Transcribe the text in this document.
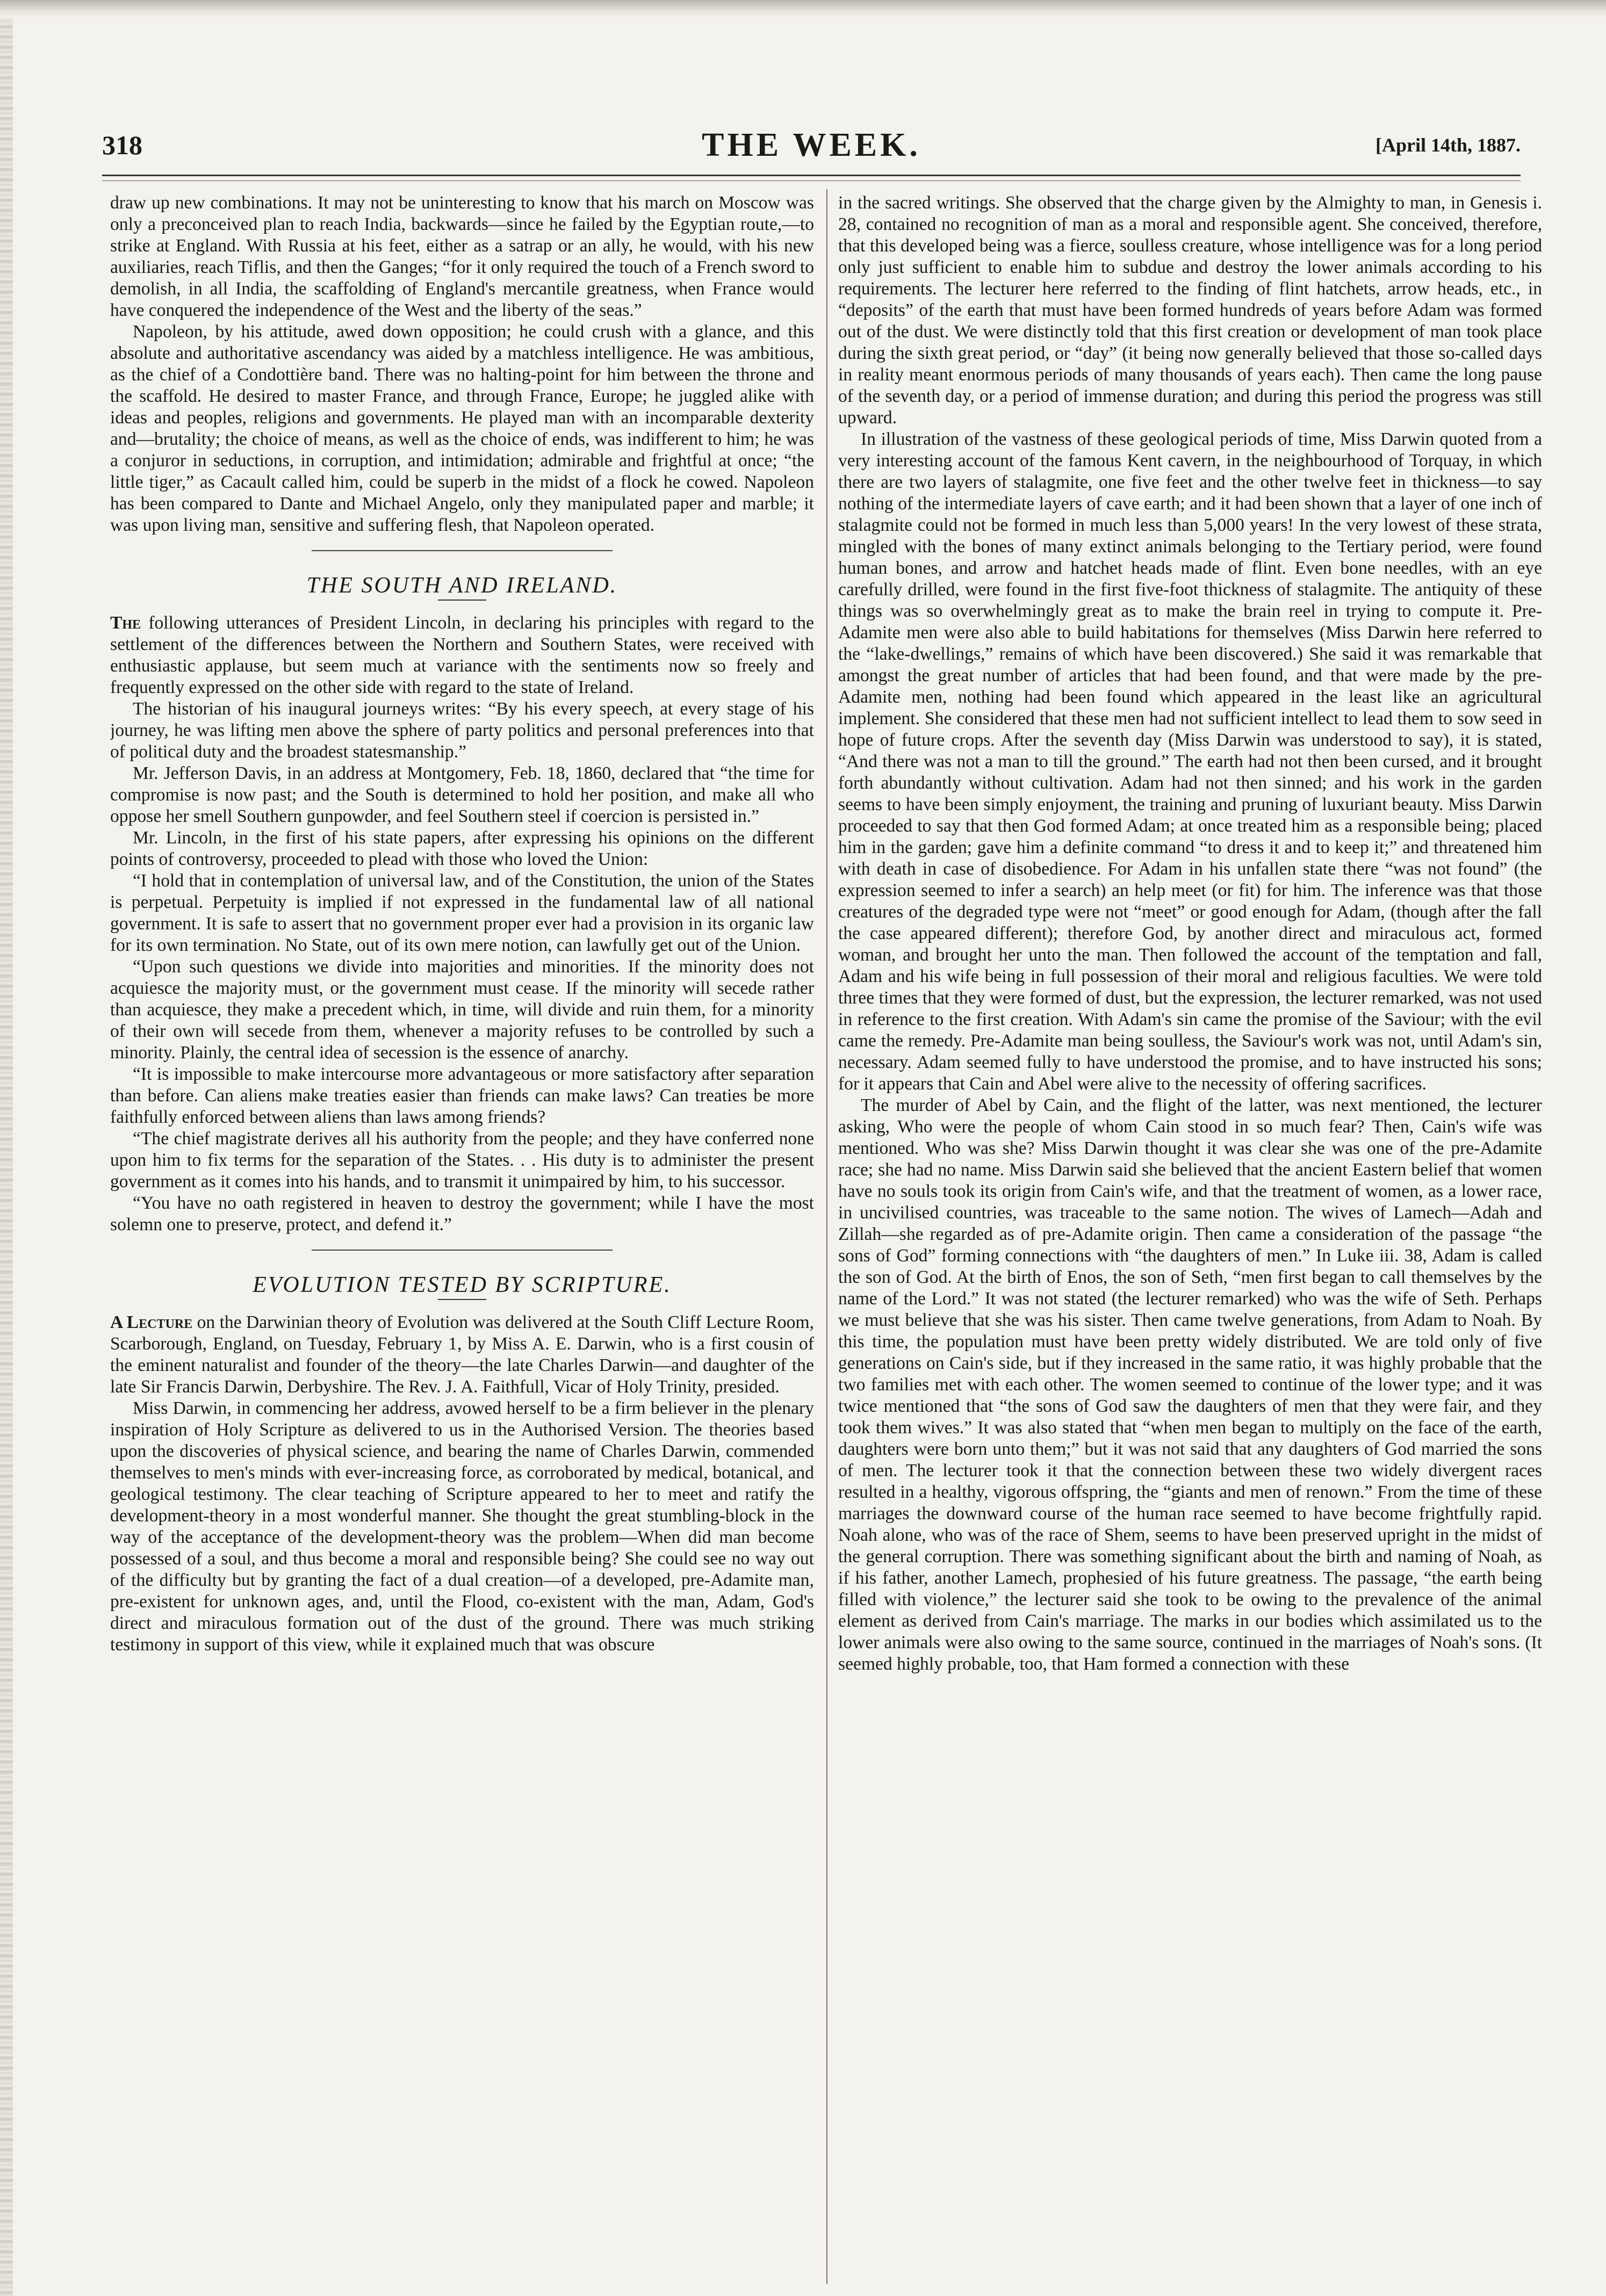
318	THE WEEK.	[April 14th, 1887.

draw up new combinations. It may not be uninteresting to know that his march on Moscow was only a preconceived plan to reach India, backwards—since he failed by the Egyptian route,—to strike at England. With Russia at his feet, either as a satrap or an ally, he would, with his new auxiliaries, reach Tiflis, and then the Ganges; “for it only required the touch of a French sword to demolish, in all India, the scaffolding of England's mercantile greatness, when France would have conquered the independence of the West and the liberty of the seas.”

Napoleon, by his attitude, awed down opposition; he could crush with a glance, and this absolute and authoritative ascendancy was aided by a matchless intelligence. He was ambitious, as the chief of a Condottière band. There was no halting-point for him between the throne and the scaffold. He desired to master France, and through France, Europe; he juggled alike with ideas and peoples, religions and governments. He played man with an incomparable dexterity and—brutality; the choice of means, as well as the choice of ends, was indifferent to him; he was a conjuror in seductions, in corruption, and intimidation; admirable and frightful at once; “the little tiger,” as Cacault called him, could be superb in the midst of a flock he cowed. Napoleon has been compared to Dante and Michael Angelo, only they manipulated paper and marble; it was upon living man, sensitive and suffering flesh, that Napoleon operated.

THE SOUTH AND IRELAND.

The following utterances of President Lincoln, in declaring his principles with regard to the settlement of the differences between the Northern and Southern States, were received with enthusiastic applause, but seem much at variance with the sentiments now so freely and frequently expressed on the other side with regard to the state of Ireland.

The historian of his inaugural journeys writes: “By his every speech, at every stage of his journey, he was lifting men above the sphere of party politics and personal preferences into that of political duty and the broadest statesmanship.”

Mr. Jefferson Davis, in an address at Montgomery, Feb. 18, 1860, declared that “the time for compromise is now past; and the South is determined to hold her position, and make all who oppose her smell Southern gunpowder, and feel Southern steel if coercion is persisted in.”

Mr. Lincoln, in the first of his state papers, after expressing his opinions on the different points of controversy, proceeded to plead with those who loved the Union:

“I hold that in contemplation of universal law, and of the Constitution, the union of the States is perpetual. Perpetuity is implied if not expressed in the fundamental law of all national government. It is safe to assert that no government proper ever had a provision in its organic law for its own termination. No State, out of its own mere notion, can lawfully get out of the Union.

“Upon such questions we divide into majorities and minorities. If the minority does not acquiesce the majority must, or the government must cease. If the minority will secede rather than acquiesce, they make a precedent which, in time, will divide and ruin them, for a minority of their own will secede from them, whenever a majority refuses to be controlled by such a minority. Plainly, the central idea of secession is the essence of anarchy.

“It is impossible to make intercourse more advantageous or more satisfactory after separation than before. Can aliens make treaties easier than friends can make laws? Can treaties be more faithfully enforced between aliens than laws among friends?

“The chief magistrate derives all his authority from the people; and they have conferred none upon him to fix terms for the separation of the States. . . His duty is to administer the present government as it comes into his hands, and to transmit it unimpaired by him, to his successor.

“You have no oath registered in heaven to destroy the government; while I have the most solemn one to preserve, protect, and defend it.”

EVOLUTION TESTED BY SCRIPTURE.

A Lecture on the Darwinian theory of Evolution was delivered at the South Cliff Lecture Room, Scarborough, England, on Tuesday, February 1, by Miss A. E. Darwin, who is a first cousin of the eminent naturalist and founder of the theory—the late Charles Darwin—and daughter of the late Sir Francis Darwin, Derbyshire. The Rev. J. A. Faithfull, Vicar of Holy Trinity, presided.

Miss Darwin, in commencing her address, avowed herself to be a firm believer in the plenary inspiration of Holy Scripture as delivered to us in the Authorised Version. The theories based upon the discoveries of physical science, and bearing the name of Charles Darwin, commended themselves to men's minds with ever-increasing force, as corroborated by medical, botanical, and geological testimony. The clear teaching of Scripture appeared to her to meet and ratify the development-theory in a most wonderful manner. She thought the great stumbling-block in the way of the acceptance of the development-theory was the problem—When did man become possessed of a soul, and thus become a moral and responsible being? She could see no way out of the difficulty but by granting the fact of a dual creation—of a developed, pre-Adamite man, pre-existent for unknown ages, and, until the Flood, co-existent with the man, Adam, God's direct and miraculous formation out of the dust of the ground. There was much striking testimony in support of this view, while it explained much that was obscure

in the sacred writings. She observed that the charge given by the Almighty to man, in Genesis i. 28, contained no recognition of man as a moral and responsible agent. She conceived, therefore, that this developed being was a fierce, soulless creature, whose intelligence was for a long period only just sufficient to enable him to subdue and destroy the lower animals according to his requirements. The lecturer here referred to the finding of flint hatchets, arrow heads, etc., in “deposits” of the earth that must have been formed hundreds of years before Adam was formed out of the dust. We were distinctly told that this first creation or development of man took place during the sixth great period, or “day” (it being now generally believed that those so-called days in reality meant enormous periods of many thousands of years each). Then came the long pause of the seventh day, or a period of immense duration; and during this period the progress was still upward.

In illustration of the vastness of these geological periods of time, Miss Darwin quoted from a very interesting account of the famous Kent cavern, in the neighbourhood of Torquay, in which there are two layers of stalagmite, one five feet and the other twelve feet in thickness—to say nothing of the intermediate layers of cave earth; and it had been shown that a layer of one inch of stalagmite could not be formed in much less than 5,000 years! In the very lowest of these strata, mingled with the bones of many extinct animals belonging to the Tertiary period, were found human bones, and arrow and hatchet heads made of flint. Even bone needles, with an eye carefully drilled, were found in the first five-foot thickness of stalagmite. The antiquity of these things was so overwhelmingly great as to make the brain reel in trying to compute it. Pre-Adamite men were also able to build habitations for themselves (Miss Darwin here referred to the “lake-dwellings,” remains of which have been discovered.) She said it was remarkable that amongst the great number of articles that had been found, and that were made by the pre-Adamite men, nothing had been found which appeared in the least like an agricultural implement. She considered that these men had not sufficient intellect to lead them to sow seed in hope of future crops. After the seventh day (Miss Darwin was understood to say), it is stated, “And there was not a man to till the ground.” The earth had not then been cursed, and it brought forth abundantly without cultivation. Adam had not then sinned; and his work in the garden seems to have been simply enjoyment, the training and pruning of luxuriant beauty. Miss Darwin proceeded to say that then God formed Adam; at once treated him as a responsible being; placed him in the garden; gave him a definite command “to dress it and to keep it;” and threatened him with death in case of disobedience. For Adam in his unfallen state there “was not found” (the expression seemed to infer a search) an help meet (or fit) for him. The inference was that those creatures of the degraded type were not “meet” or good enough for Adam, (though after the fall the case appeared different); therefore God, by another direct and miraculous act, formed woman, and brought her unto the man. Then followed the account of the temptation and fall, Adam and his wife being in full possession of their moral and religious faculties. We were told three times that they were formed of dust, but the expression, the lecturer remarked, was not used in reference to the first creation. With Adam's sin came the promise of the Saviour; with the evil came the remedy. Pre-Adamite man being soulless, the Saviour's work was not, until Adam's sin, necessary. Adam seemed fully to have understood the promise, and to have instructed his sons; for it appears that Cain and Abel were alive to the necessity of offering sacrifices.

The murder of Abel by Cain, and the flight of the latter, was next mentioned, the lecturer asking, Who were the people of whom Cain stood in so much fear? Then, Cain's wife was mentioned. Who was she? Miss Darwin thought it was clear she was one of the pre-Adamite race; she had no name. Miss Darwin said she believed that the ancient Eastern belief that women have no souls took its origin from Cain's wife, and that the treatment of women, as a lower race, in uncivilised countries, was traceable to the same notion. The wives of Lamech—Adah and Zillah—she regarded as of pre-Adamite origin. Then came a consideration of the passage “the sons of God” forming connections with “the daughters of men.” In Luke iii. 38, Adam is called the son of God. At the birth of Enos, the son of Seth, “men first began to call themselves by the name of the Lord.” It was not stated (the lecturer remarked) who was the wife of Seth. Perhaps we must believe that she was his sister. Then came twelve generations, from Adam to Noah. By this time, the population must have been pretty widely distributed. We are told only of five generations on Cain's side, but if they increased in the same ratio, it was highly probable that the two families met with each other. The women seemed to continue of the lower type; and it was twice mentioned that “the sons of God saw the daughters of men that they were fair, and they took them wives.” It was also stated that “when men began to multiply on the face of the earth, daughters were born unto them;” but it was not said that any daughters of God married the sons of men. The lecturer took it that the connection between these two widely divergent races resulted in a healthy, vigorous offspring, the “giants and men of renown.” From the time of these marriages the downward course of the human race seemed to have become frightfully rapid. Noah alone, who was of the race of Shem, seems to have been preserved upright in the midst of the general corruption. There was something significant about the birth and naming of Noah, as if his father, another Lamech, prophesied of his future greatness. The passage, “the earth being filled with violence,” the lecturer said she took to be owing to the prevalence of the animal element as derived from Cain's marriage. The marks in our bodies which assimilated us to the lower animals were also owing to the same source, continued in the marriages of Noah's sons. (It seemed highly probable, too, that Ham formed a connection with these
